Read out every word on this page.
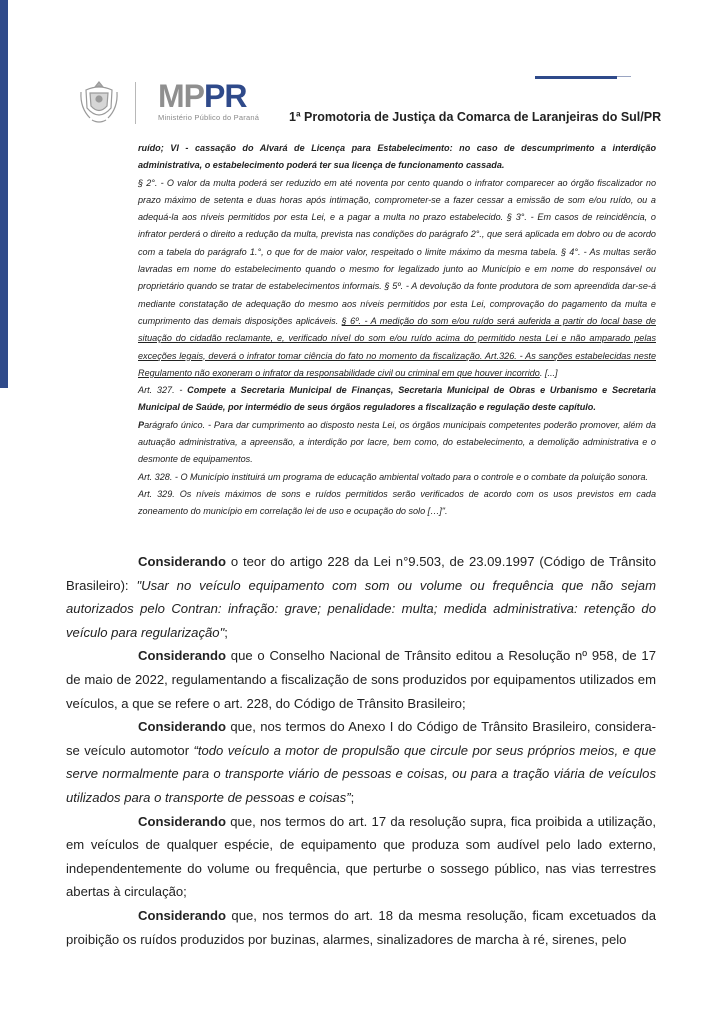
MPPR
Ministério Público do Paraná 1ª Promotoria de Justiça da Comarca de Laranjeiras do Sul/PR

ruído; VI - cassação do Alvará de Licença para Estabelecimento: no caso de descumprimento a interdição administrativa, o estabelecimento poderá ter sua licença de funcionamento cassada.

§ 2°. - O valor da multa poderá ser reduzido em até noventa por cento quando o infrator comparecer ao órgão fiscalizador no prazo máximo de setenta e duas horas após intimação, comprometer-se a fazer cessar a emissão de som e/ou ruído, ou a adequá-la aos níveis permitidos por esta Lei, e a pagar a multa no prazo estabelecido. § 3°. - Em casos de reincidência, o infrator perderá o direito a redução da multa, prevista nas condições do parágrafo 2°., que será aplicada em dobro ou de acordo com a tabela do parágrafo 1.°, o que for de maior valor, respeitado o limite máximo da mesma tabela. § 4°. - As multas serão lavradas em nome do estabelecimento quando o mesmo for legalizado junto ao Município e em nome do responsável ou proprietário quando se tratar de estabelecimentos informais. § 5º. - A devolução da fonte produtora de som apreendida dar-se-á mediante constatação de adequação do mesmo aos níveis permitidos por esta Lei, comprovação do pagamento da multa e cumprimento das demais disposições aplicáveis. § 6º. - A medição do som e/ou ruído será auferida a partir do local base de situação do cidadão reclamante, e, verificado nível do som e/ou ruído acima do permitido nesta Lei e não amparado pelas exceções legais, deverá o infrator tomar ciência do fato no momento da fiscalização. Art.326. - As sanções estabelecidas neste Regulamento não exoneram o infrator da responsabilidade civil ou criminal em que houver incorrido. [...]

Art. 327. - Compete a Secretaria Municipal de Finanças, Secretaria Municipal de Obras e Urbanismo e Secretaria Municipal de Saúde, por intermédio de seus órgãos reguladores a fiscalização e regulação deste capítulo.

Parágrafo único. - Para dar cumprimento ao disposto nesta Lei, os órgãos municipais competentes poderão promover, além da autuação administrativa, a apreensão, a interdição por lacre, bem como, do estabelecimento, a demolição administrativa e o desmonte de equipamentos.

Art. 328. - O Município instituirá um programa de educação ambiental voltado para o controle e o combate da poluição sonora.

Art. 329. Os níveis máximos de sons e ruídos permitidos serão verificados de acordo com os usos previstos em cada zoneamento do município em correlação lei de uso e ocupação do solo […]".

Considerando o teor do artigo 228 da Lei n°9.503, de 23.09.1997 (Código de Trânsito Brasileiro): "Usar no veículo equipamento com som ou volume ou frequência que não sejam autorizados pelo Contran: infração: grave; penalidade: multa; medida administrativa: retenção do veículo para regularização";

Considerando que o Conselho Nacional de Trânsito editou a Resolução nº 958, de 17 de maio de 2022, regulamentando a fiscalização de sons produzidos por equipamentos utilizados em veículos, a que se refere o art. 228, do Código de Trânsito Brasileiro;

Considerando que, nos termos do Anexo I do Código de Trânsito Brasileiro, considera-se veículo automotor “todo veículo a motor de propulsão que circule por seus próprios meios, e que serve normalmente para o transporte viário de pessoas e coisas, ou para a tração viária de veículos utilizados para o transporte de pessoas e coisas”;

Considerando que, nos termos do art. 17 da resolução supra, fica proibida a utilização, em veículos de qualquer espécie, de equipamento que produza som audível pelo lado externo, independentemente do volume ou frequência, que perturbe o sossego público, nas vias terrestres abertas à circulação;

Considerando que, nos termos do art. 18 da mesma resolução, ficam excetuados da proibição os ruídos produzidos por buzinas, alarmes, sinalizadores de marcha à ré, sirenes, pelo
